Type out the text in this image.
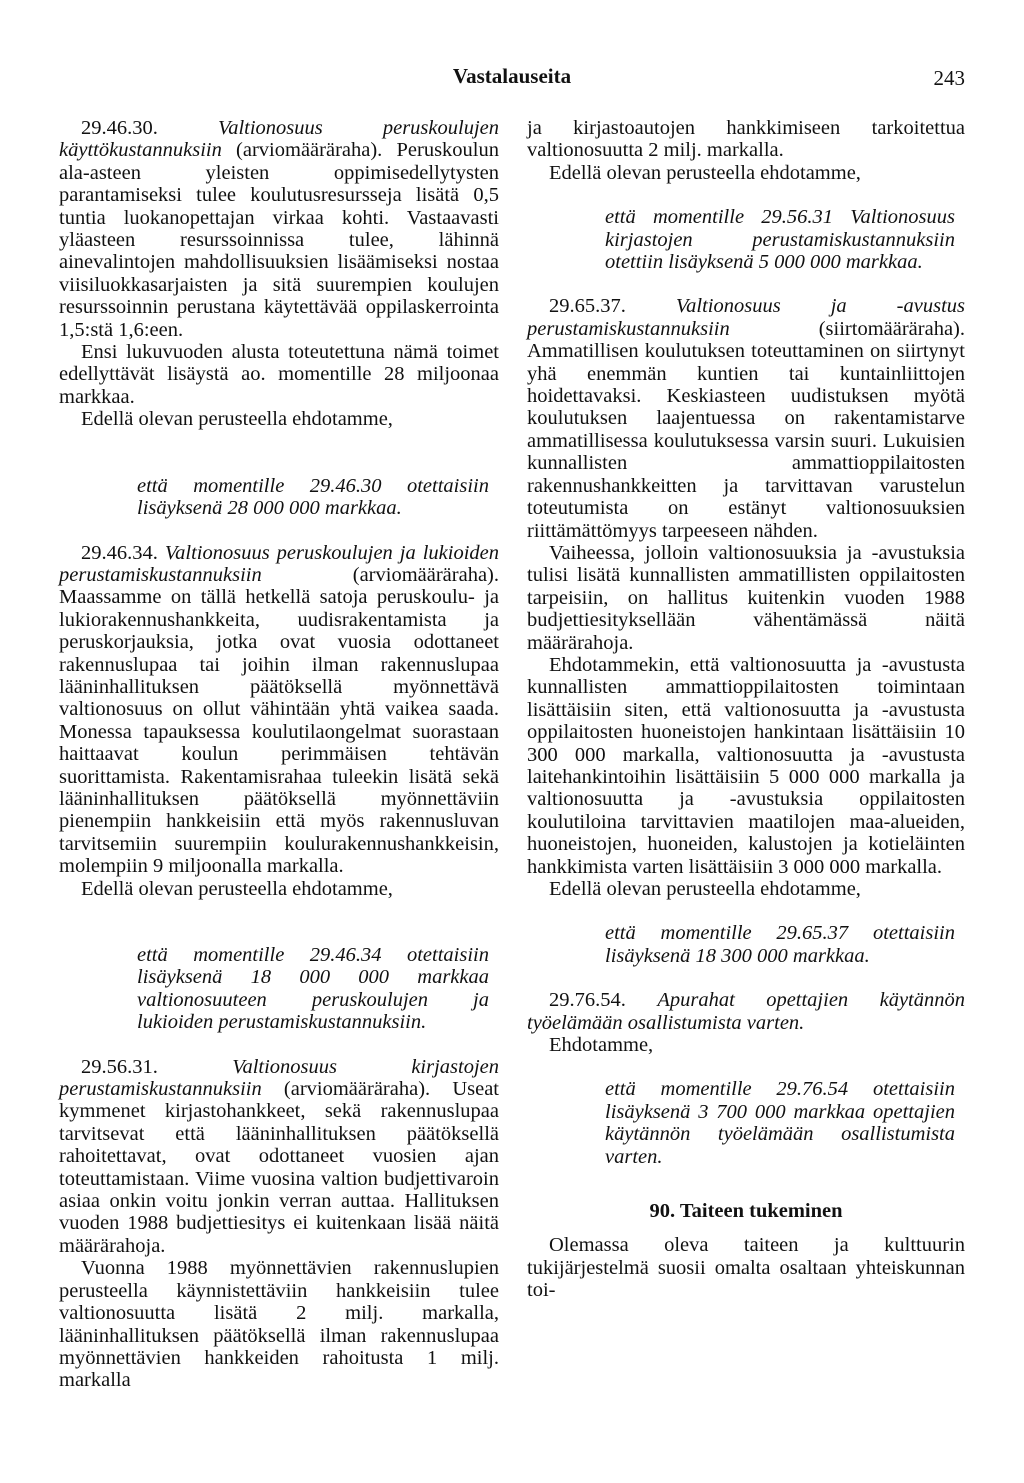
Vastalauseita	243

29.46.30.	Valtionosuus peruskoulujen käyttökustannuksiin (arviomääräraha). Peruskoulun ala-asteen yleisten oppimisedellytysten parantamiseksi tulee koulutusresursseja lisätä 0,5 tuntia luokanopettajan virkaa kohti. Vastaavasti yläasteen resurssoinnissa tulee, lähinnä ainevalintojen mahdollisuuksien lisäämiseksi nostaa viisiluokkasarjaisten ja sitä suurempien koulujen resurssoinnin perustana käytettävää oppilaskerrointa 1,5:stä 1,6:een.

Ensi lukuvuoden alusta toteutettuna nämä toimet edellyttävät lisäystä ao. momentille 28 miljoonaa markkaa.

Edellä olevan perusteella ehdotamme,

että momentille 29.46.30 otettaisiin lisäyksenä 28 000 000 markkaa.

29.46.34. Valtionosuus peruskoulujen ja lukioiden perustamiskustannuksiin	(arviomääräraha). Maassamme on tällä hetkellä satoja peruskoulu- ja lukiorakennushankkeita, uudisrakentamista ja peruskorjauksia, jotka ovat vuosia odottaneet rakennuslupaa tai joihin ilman rakennuslupaa lääninhallituksen päätöksellä myönnettävä valtionosuus on ollut vähintään yhtä vaikea saada. Monessa tapauksessa koulutilaongelmat suorastaan haittaavat koulun perimmäisen tehtävän suorittamista. Rakentamisrahaa tuleekin lisätä sekä lääninhallituksen päätöksellä myönnettäviin pienempiin hankkeisiin että myös rakennusluvan tarvitsemiin suurempiin koulurakennushankkeisin, molempiin 9 miljoonalla markalla.

Edellä olevan perusteella ehdotamme,

että momentille 29.46.34 otettaisiin lisäyksenä 18 000 000 markkaa valtionosuuteen peruskoulujen ja lukioiden perustamiskustannuksiin.

29.56.31.	Valtionosuus kirjastojen perustamiskustannuksiin (arviomääräraha). Useat kymmenet kirjastohankkeet, sekä rakennuslupaa tarvitsevat että lääninhallituksen päätöksellä rahoitettavat, ovat odottaneet vuosien ajan toteuttamistaan. Viime vuosina valtion budjettivaroin asiaa onkin voitu jonkin verran auttaa. Hallituksen vuoden 1988 budjettiesitys ei kuitenkaan lisää näitä määrärahoja.

Vuonna 1988 myönnettävien rakennuslupien perusteella käynnistettäviin hankkeisiin tulee valtionosuutta lisätä 2 milj. markalla, lääninhallituksen päätöksellä ilman rakennuslupaa myönnettävien hankkeiden rahoitusta 1 milj. markalla

ja kirjastoautojen hankkimiseen tarkoitettua valtionosuutta 2 milj. markalla.

Edellä olevan perusteella ehdotamme,

että momentille 29.56.31 Valtionosuus kirjastojen perustamiskustannuksiin otettiin lisäyksenä 5 000 000 markkaa.

29.65.37. Valtionosuus ja -avustus perustamiskustannuksiin	(siirtomääräraha). Ammatillisen koulutuksen toteuttaminen on siirtynyt yhä enemmän kuntien tai kuntainliittojen hoidettavaksi. Keskiasteen uudistuksen myötä koulutuksen laajentuessa on rakentamistarve ammatillisessa koulutuksessa varsin suuri. Lukuisien kunnallisten ammattioppilaitosten rakennushankkeitten ja tarvittavan varustelun toteutumista on estänyt valtionosuuksien riittämättömyys tarpeeseen nähden.

Vaiheessa, jolloin valtionosuuksia ja -avustuksia tulisi lisätä kunnallisten ammatillisten oppilaitosten tarpeisiin, on hallitus kuitenkin vuoden 1988 budjettiesityksellään vähentämässä näitä määrärahoja.

Ehdotammekin, että valtionosuutta ja -avustusta kunnallisten ammattioppilaitosten toimintaan lisättäisiin siten, että valtionosuutta ja -avustusta oppilaitosten huoneistojen hankintaan lisättäisiin 10 300 000 markalla, valtionosuutta ja -avustusta laitehankintoihin lisättäisiin 5 000 000 markalla ja valtionosuutta ja -avustuksia oppilaitosten koulutiloina tarvittavien maatilojen maa-alueiden, huoneistojen, huoneiden, kalustojen ja kotieläinten hankkimista varten lisättäisiin 3 000 000 markalla.

Edellä olevan perusteella ehdotamme,

että momentille 29.65.37 otettaisiin lisäyksenä 18 300 000 markkaa.

29.76.54. Apurahat opettajien käytännön työelämään osallistumista varten.

Ehdotamme,

että momentille 29.76.54 otettaisiin lisäyksenä 3 700 000 markkaa opettajien käytännön työelämään osallistumista varten.

90. Taiteen tukeminen

Olemassa oleva taiteen ja kulttuurin tukijärjestelmä suosii omalta osaltaan yhteiskunnan toi-
